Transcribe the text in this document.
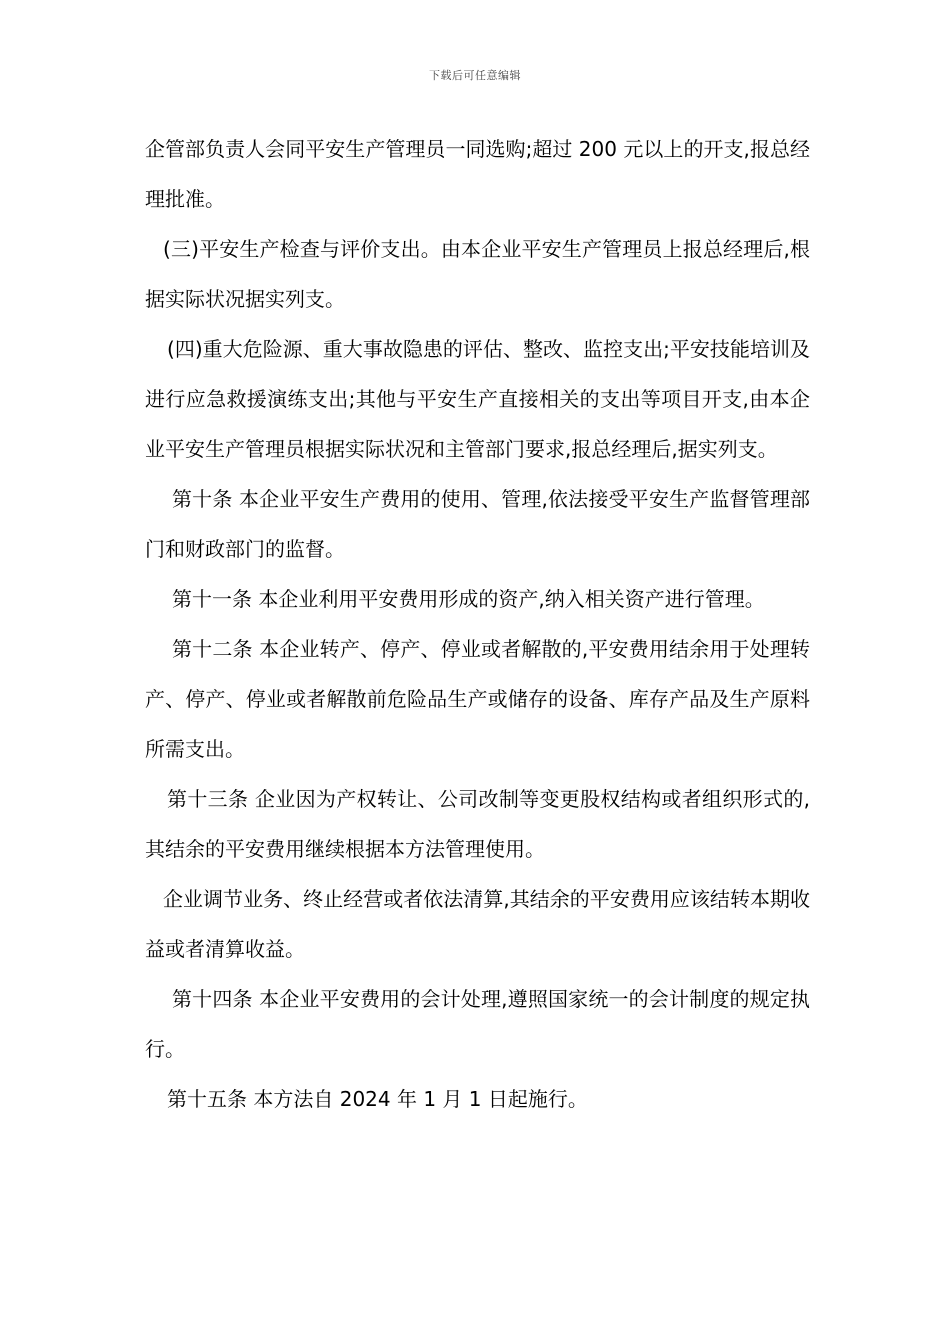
下载后可任意编辑

企管部负责人会同平安生产管理员一同选购;超过 200 元以上的开支,报总经理批准。

(三)平安生产检查与评价支出。由本企业平安生产管理员上报总经理后,根据实际状况据实列支。

(四)重大危险源、重大事故隐患的评估、整改、监控支出;平安技能培训及进行应急救援演练支出;其他与平安生产直接相关的支出等项目开支,由本企业平安生产管理员根据实际状况和主管部门要求,报总经理后,据实列支。

第十条 本企业平安生产费用的使用、管理,依法接受平安生产监督管理部门和财政部门的监督。

第十一条 本企业利用平安费用形成的资产,纳入相关资产进行管理。

第十二条 本企业转产、停产、停业或者解散的,平安费用结余用于处理转产、停产、停业或者解散前危险品生产或储存的设备、库存产品及生产原料所需支出。

第十三条 企业因为产权转让、公司改制等变更股权结构或者组织形式的,其结余的平安费用继续根据本方法管理使用。

企业调节业务、终止经营或者依法清算,其结余的平安费用应该结转本期收益或者清算收益。

第十四条 本企业平安费用的会计处理,遵照国家统一的会计制度的规定执行。

第十五条 本方法自 2024 年 1 月 1 日起施行。
